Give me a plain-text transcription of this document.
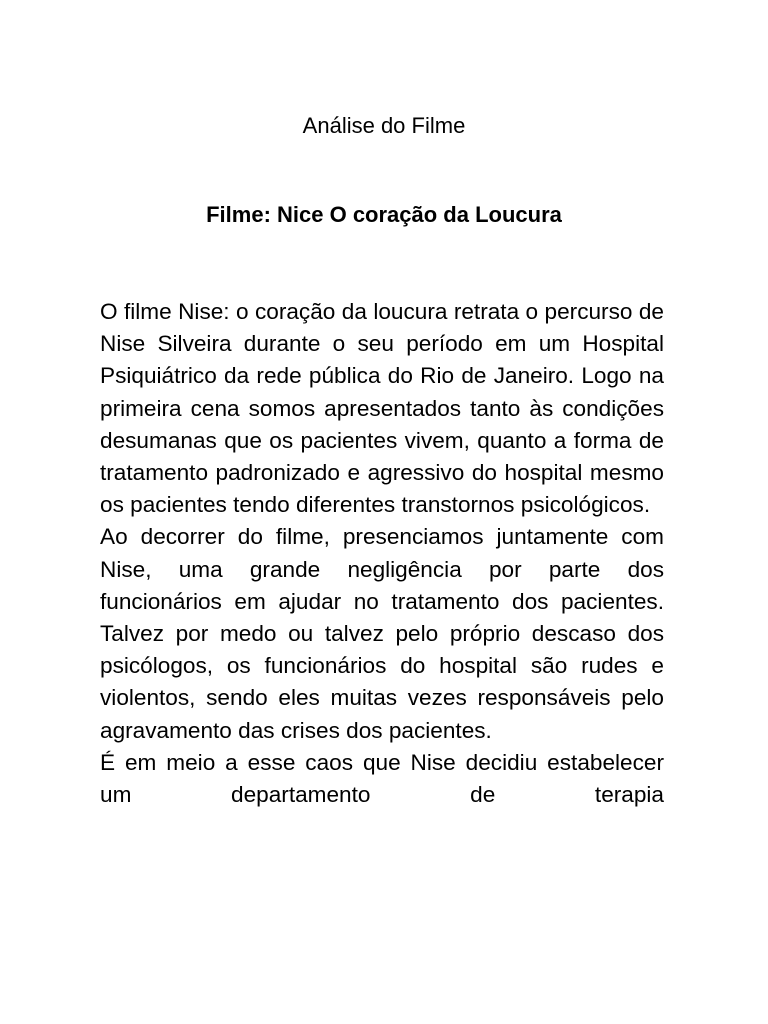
Análise do Filme
Filme: Nice O coração da Loucura

O filme Nise: o coração da loucura retrata o percurso de Nise Silveira durante o seu período em um Hospital Psiquiátrico da rede pública do Rio de Janeiro. Logo na primeira cena somos apresentados tanto às condições desumanas que os pacientes vivem, quanto a forma de tratamento padronizado e agressivo do hospital mesmo os pacientes tendo diferentes transtornos psicológicos.

Ao decorrer do filme, presenciamos juntamente com Nise, uma grande negligência por parte dos funcionários em ajudar no tratamento dos pacientes. Talvez por medo ou talvez pelo próprio descaso dos psicólogos, os funcionários do hospital são rudes e violentos, sendo eles muitas vezes responsáveis pelo agravamento das crises dos pacientes.

É em meio a esse caos que Nise decidiu estabelecer um departamento de terapia
